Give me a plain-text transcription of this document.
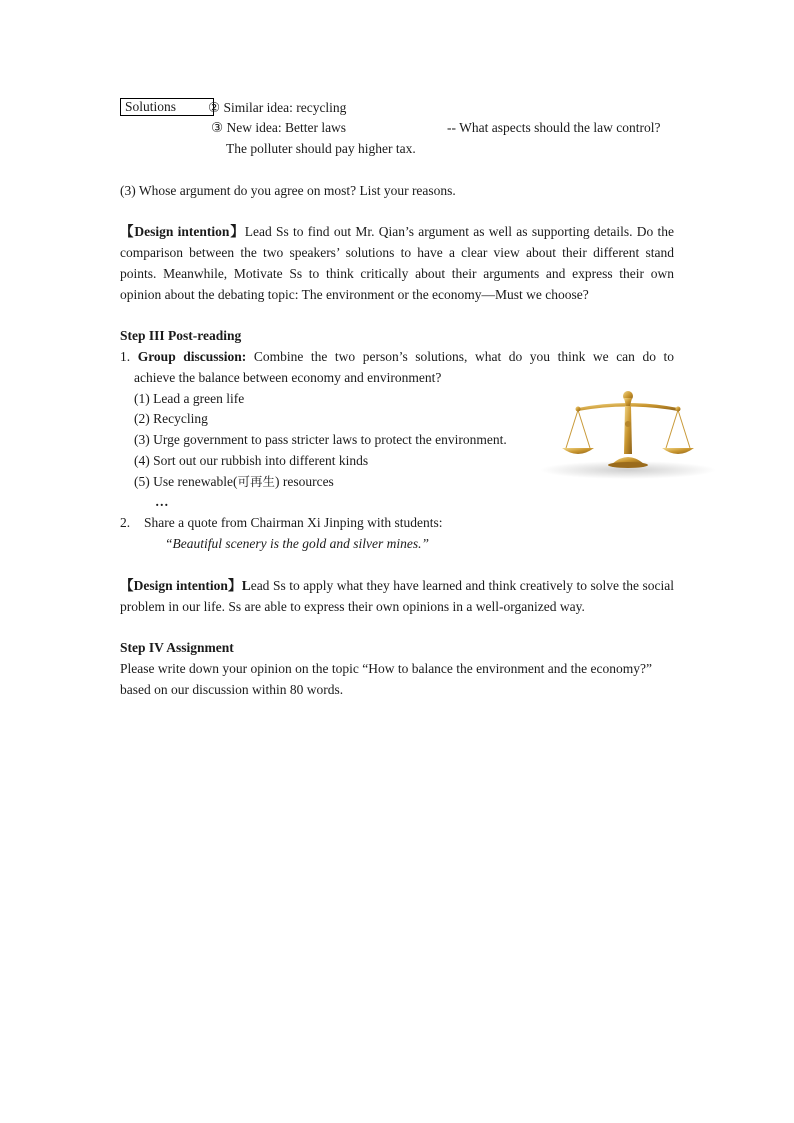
Solutions	② Similar idea: recycling
③ New idea: Better laws	-- What aspects should the law control?
The polluter should pay higher tax.
(3) Whose argument do you agree on most? List your reasons.

【Design intention】Lead Ss to find out Mr. Qian’s argument as well as supporting details. Do the comparison between the two speakers’ solutions to have a clear view about their different stand points. Meanwhile, Motivate Ss to think critically about their arguments and express their own opinion about the debating topic: The environment or the economy—Must we choose?

Step III Post-reading
1. Group discussion: Combine the two person’s solutions, what do you think we can do to
achieve the balance between economy and environment?
(1) Lead a green life
(2) Recycling
(3) Urge government to pass stricter laws to protect the environment.
(4) Sort out our rubbish into different kinds
(5) Use renewable(可再生) resources
…
2. Share a quote from Chairman Xi Jinping with students:
“Beautiful scenery is the gold and silver mines.”

【Design intention】Lead Ss to apply what they have learned and think creatively to solve the social problem in our life. Ss are able to express their own opinions in a well-organized way.

Step IV Assignment
Please write down your opinion on the topic “How to balance the environment and the economy?”
based on our discussion within 80 words.
